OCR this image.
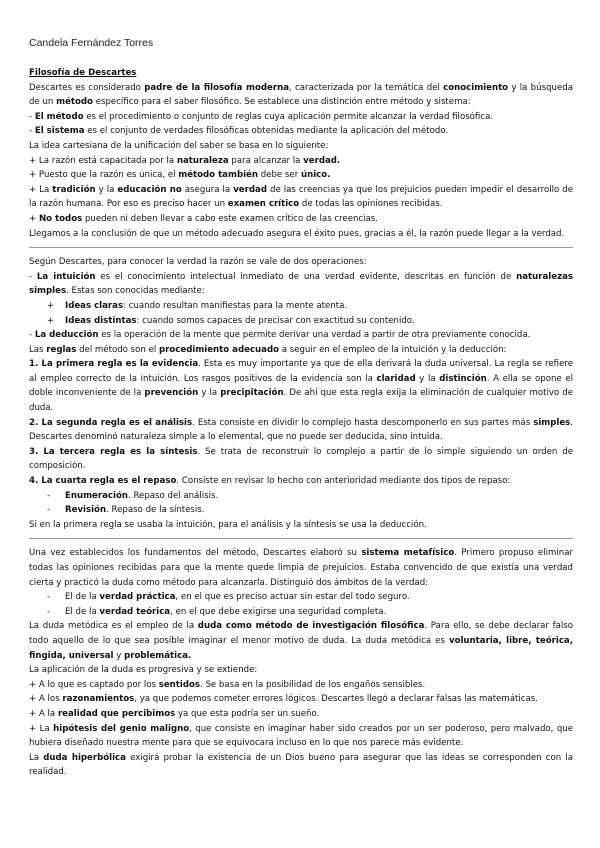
Candela Fernández Torres

Filosofía de Descartes

Descartes es considerado padre de la filosofía moderna, caracterizada por la temática del conocimiento y la búsqueda de un método específico para el saber filosófico. Se establece una distinción entre método y sistema:

- El método es el procedimiento o conjunto de reglas cuya aplicación permite alcanzar la verdad filosófica.

- El sistema es el conjunto de verdades filosóficas obtenidas mediante la aplicación del método.

La idea cartesiana de la unificación del saber se basa en lo siguiente:

+ La razón está capacitada por la naturaleza para alcanzar la verdad.

+ Puesto que la razón es única, el método también debe ser único.

+ La tradición y la educación no asegura la verdad de las creencias ya que los prejuicios pueden impedir el desarrollo de la razón humana. Por eso es preciso hacer un examen crítico de todas las opiniones recibidas.

+ No todos pueden ni deben llevar a cabo este examen crítico de las creencias.

Llegamos a la conclusión de que un método adecuado asegura el éxito pues, gracias a él, la razón puede llegar a la verdad.

Según Descartes, para conocer la verdad la razón se vale de dos operaciones:

- La intuición es el conocimiento intelectual inmediato de una verdad evidente, descritas en función de naturalezas simples. Estas son conocidas mediante:

+ Ideas claras: cuando resultan manifiestas para la mente atenta.

+ Ideas distintas: cuando somos capaces de precisar con exactitud su contenido.

- La deducción es la operación de la mente que permite derivar una verdad a partir de otra previamente conocida.

Las reglas del método son el procedimiento adecuado a seguir en el empleo de la intuición y la deducción:

1. La primera regla es la evidencia. Esta es muy importante ya que de ella derivará la duda universal. La regla se refiere al empleo correcto de la intuición. Los rasgos positivos de la evidencia son la claridad y la distinción. A ella se opone el doble inconveniente de la prevención y la precipitación. De ahí que esta regla exija la eliminación de cualquier motivo de duda.

2. La segunda regla es el análisis. Esta consiste en dividir lo complejo hasta descomponerlo en sus partes más simples. Descartes denominó naturaleza simple a lo elemental, que no puede ser deducida, sino intuida.

3. La tercera regla es la síntesis. Se trata de reconstruir lo complejo a partir de lo simple siguiendo un orden de composición.

4. La cuarta regla es el repaso. Consiste en revisar lo hecho con anterioridad mediante dos tipos de repaso:

- Enumeración. Repaso del análisis.

- Revisión. Repaso de la síntesis.

Si en la primera regla se usaba la intuición, para el análisis y la síntesis se usa la deducción.

Una vez establecidos los fundamentos del método, Descartes elaboró su sistema metafísico. Primero propuso eliminar todas las opiniones recibidas para que la mente quede limpia de prejuicios. Estaba convencido de que existía una verdad cierta y practicó la duda como método para alcanzarla. Distinguió dos ámbitos de la verdad:

- El de la verdad práctica, en el que es preciso actuar sin estar del todo seguro.

- El de la verdad teórica, en el que debe exigirse una seguridad completa.

La duda metódica es el empleo de la duda como método de investigación filosófica. Para ello, se debe declarar falso todo aquello de lo que sea posible imaginar el menor motivo de duda. La duda metódica es voluntaria, libre, teórica, fingida, universal y problemática.

La aplicación de la duda es progresiva y se extiende:

+ A lo que es captado por los sentidos. Se basa en la posibilidad de los engaños sensibles.

+ A los razonamientos, ya que podemos cometer errores lógicos. Descartes llegó a declarar falsas las matemáticas.

+ A la realidad que percibimos ya que esta podría ser un sueño.

+ La hipótesis del genio maligno, que consiste en imaginar haber sido creados por un ser poderoso, pero malvado, que hubiera diseñado nuestra mente para que se equivocara incluso en lo que nos parece más evidente.

La duda hiperbólica exigirá probar la existencia de un Dios bueno para asegurar que las ideas se corresponden con la realidad.
